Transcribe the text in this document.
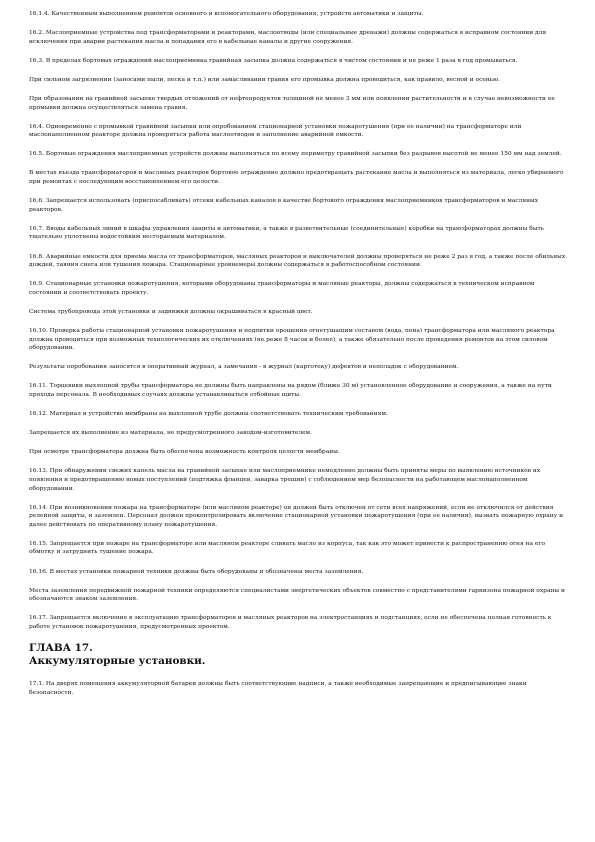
16.1.4. Качественным выполнением ремонтов основного и вспомогательного оборудования, устройств автоматики и защиты.

16.2. Маслоприемные устройства под трансформаторами и реакторами, маслоотводы (или специальные дренажи) должны содержаться в исправном состоянии для исключения при аварии растекания масла и попадания его в кабельные каналы и другие сооружения.

16.3. В пределах бортовых ограждений маслоприемника гравийная засыпка должна содержаться в чистом состоянии и не реже 1 раза в год промываться.

При сильном загрязнении (заносами пыли, песка и т.п.) или замасливании гравия его промывка должна проводиться, как правило, весной и осенью.

При образовании на гравийной засыпке твердых отложений от нефтепродуктов толщиной не менее 3 мм или появлении растительности и в случае невозможности ее промывки должна осуществляться замена гравия.

16.4. Одновременно с промывкой гравийной засыпки или опробованием стационарной установки пожаротушения (при ее наличии) на трансформаторе или маслонаполненном реакторе должна проверяться работа маслоотводов и заполнение аварийной емкости.

16.5. Бортовые ограждения маслоприемных устройств должны выполняться по всему периметру гравийной засыпки без разрывов высотой не менее 150 мм над землей.

В местах въезда трансформаторов и масляных реакторов бортовое ограждение должно предотвращать растекание масла и выполняться из материала, легко убираемого при ремонтах с последующим восстановлением его целости.

16.6. Запрещается использовать (приспосабливать) отсеки кабельных каналов в качестве бортового ограждения маслоприемников трансформаторов и масляных реакторов.

16.7. Вводы кабельных линий в шкафы управления защиты и автоматики, а также в разветвительные (соединительные) коробки на трансформаторах должны быть тщательно уплотнены водостойким несгораемым материалом.

16.8. Аварийные емкости для приема масла от трансформаторов, масляных реакторов и выключателей должны проверяться не реже 2 раз в год, а также после обильных дождей, таяния снега или тушения пожара. Стационарные уровнемеры должны содержаться в работоспособном состоянии.

16.9. Стационарные установки пожаротушения, которыми оборудованы трансформаторы и масляные реакторы, должны содержаться в техническом исправном состоянии и соответствовать проекту.

Система трубопровода этой установки и задвижки должны окрашиваться в красный цвет.

16.10. Проверка работы стационарной установки пожаротушения и подпитки орошения огнетушащим составом (вода, пена) трансформатора или масляного реактора должна проводиться при возможных технологических их отключениях (не реже 8 часов и более), а также обязательно после проведения ремонтов на этом силовом оборудовании.

Результаты опробования заносятся в оперативный журнал, а замечания - в журнал (картотеку) дефектов и неполадок с оборудованием.

16.11. Торцевики выхлопной трубы трансформатора не должны быть направлены на рядом (ближе 30 м) установленное оборудование и сооружения, а также на пути прохода персонала. В необходимых случаях должны устанавливаться отбойные щиты.

16.12. Материал и устройство мембраны на выхлопной трубе должны соответствовать техническим требованиям.

Запрещается их выполнение из материала, не предусмотренного заводом-изготовителем.

При осмотре трансформатора должна быть обеспечена возможность контроля целости мембраны.

16.13. При обнаружении свежих капель масла на гравийной засыпке или маслоприемнике немедленно должны быть приняты меры по выявлению источников их появления и предотвращению новых поступлений (подтяжка фланцев, заварка трещин) с соблюдением мер безопасности на работающем маслонаполненном оборудовании.

16.14. При возникновении пожара на трансформаторе (или масляном реакторе) он должен быть отключен от сети всех напряжений, если не отключился от действия релейной защиты, и заземлен. Персонал должен проконтролировать включение стационарной установки пожаротушения (при ее наличии), вызвать пожарную охрану и далее действовать по оперативному плану пожаротушения.

16.15. Запрещается при пожаре на трансформаторе или масляном реакторе сливать масло из корпуса, так как это может привести к распространению огня на его обмотку и затруднить тушение пожара.

16.16. В местах установки пожарной техники должны быть оборудованы и обозначены места заземления.

Места заземления передвижной пожарной техники определяются специалистами энергетических объектов совместно с представителями гарнизона пожарной охраны и обозначаются знаком заземления.

16.17. Запрещается включение в эксплуатацию трансформаторов и масляных реакторов на электростанциях и подстанциях, если не обеспечена полная готовность к работе установок пожаротушения, предусмотренных проектом.

ГЛАВА 17.
Аккумуляторные установки.

17.1. На дверях помещения аккумуляторной батареи должны быть соответствующие надписи, а также необходимые запрещающие и предписывающие знаки безопасности.
